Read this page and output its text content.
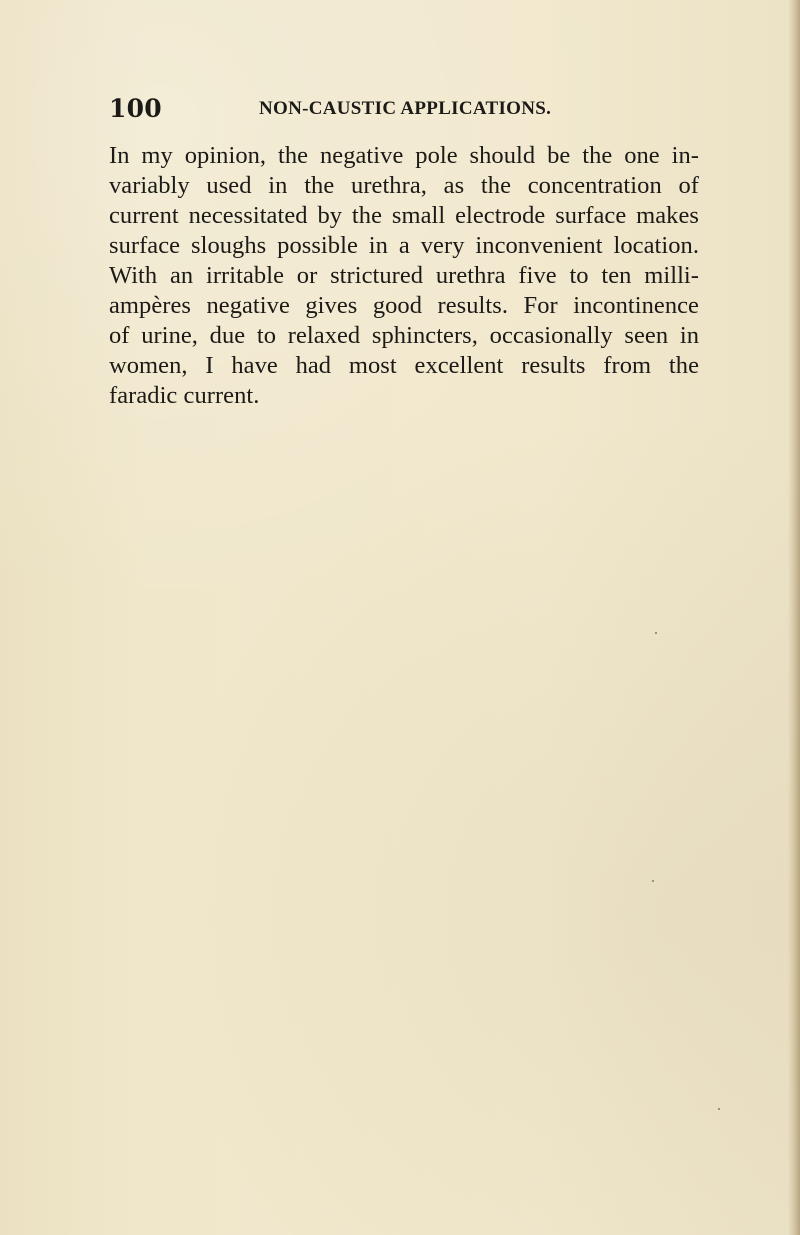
100	NON-CAUSTIC APPLICATIONS.
In my opinion, the negative pole should be the one in-
variably used in the urethra, as the concentration of
current necessitated by the small electrode surface makes
surface sloughs possible in a very inconvenient location.
With an irritable or strictured urethra five to ten milli-
ampères negative gives good results. For incontinence
of urine, due to relaxed sphincters, occasionally seen in
women, I have had most excellent results from the
faradic current.
